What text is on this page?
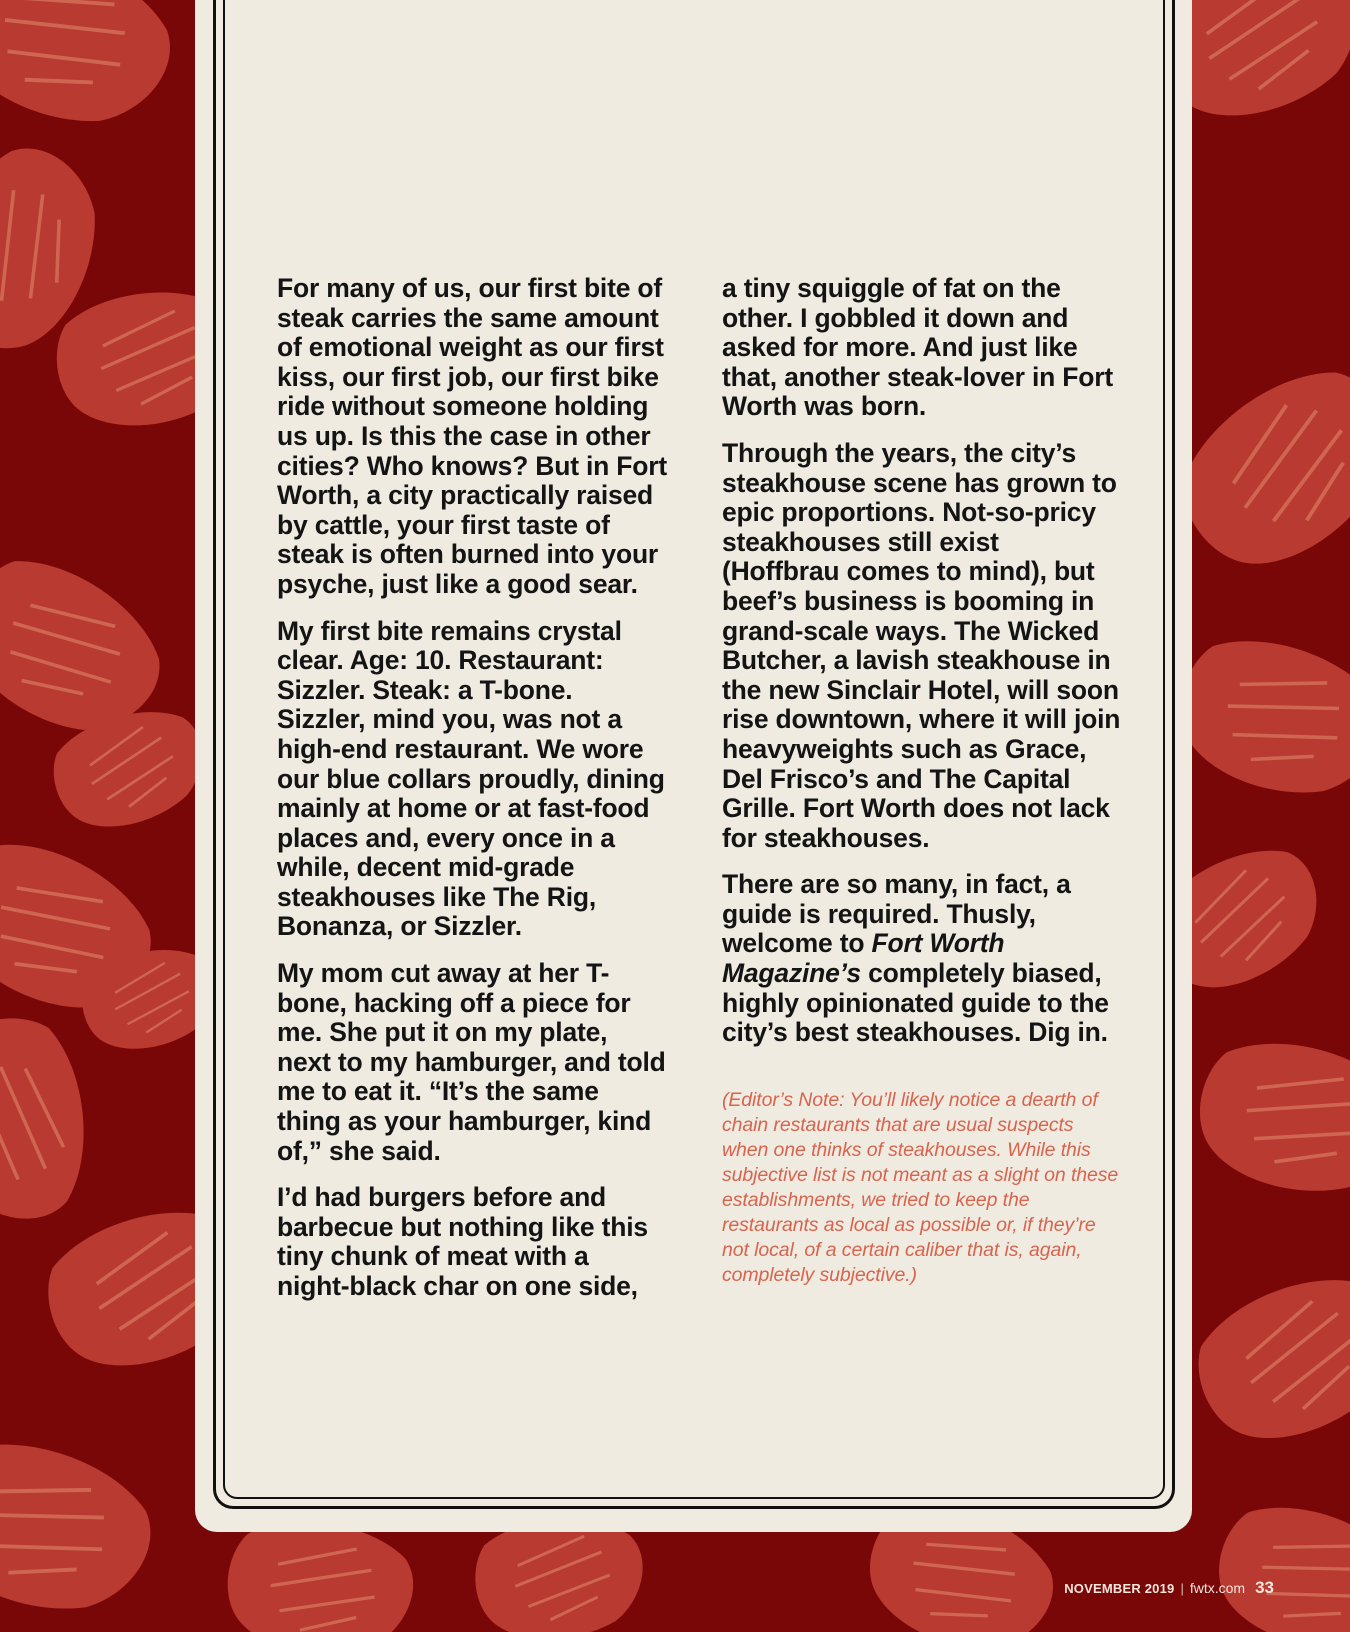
For many of us, our first bite of steak carries the same amount of emotional weight as our first kiss, our first job, our first bike ride without someone holding us up. Is this the case in other cities? Who knows? But in Fort Worth, a city practically raised by cattle, your first taste of steak is often burned into your psyche, just like a good sear.

My first bite remains crystal clear. Age: 10. Restaurant: Sizzler. Steak: a T-bone. Sizzler, mind you, was not a high-end restaurant. We wore our blue collars proudly, dining mainly at home or at fast-food places and, every once in a while, decent mid-grade steakhouses like The Rig, Bonanza, or Sizzler.

My mom cut away at her T-bone, hacking off a piece for me. She put it on my plate, next to my hamburger, and told me to eat it. “It’s the same thing as your hamburger, kind of,” she said.

I’d had burgers before and barbecue but nothing like this tiny chunk of meat with a night-black char on one side,

a tiny squiggle of fat on the other. I gobbled it down and asked for more. And just like that, another steak-lover in Fort Worth was born.

Through the years, the city’s steakhouse scene has grown to epic proportions. Not-so-pricy steakhouses still exist (Hoffbrau comes to mind), but beef’s business is booming in grand-scale ways. The Wicked Butcher, a lavish steakhouse in the new Sinclair Hotel, will soon rise downtown, where it will join heavyweights such as Grace, Del Frisco’s and The Capital Grille. Fort Worth does not lack for steakhouses.

There are so many, in fact, a guide is required. Thusly, welcome to Fort Worth Magazine’s completely biased, highly opinionated guide to the city’s best steakhouses. Dig in.

(Editor’s Note: You’ll likely notice a dearth of chain restaurants that are usual suspects when one thinks of steakhouses. While this subjective list is not meant as a slight on these establishments, we tried to keep the restaurants as local as possible or, if they’re not local, of a certain caliber that is, again, completely subjective.)
NOVEMBER 2019 | fwtx.com 33
